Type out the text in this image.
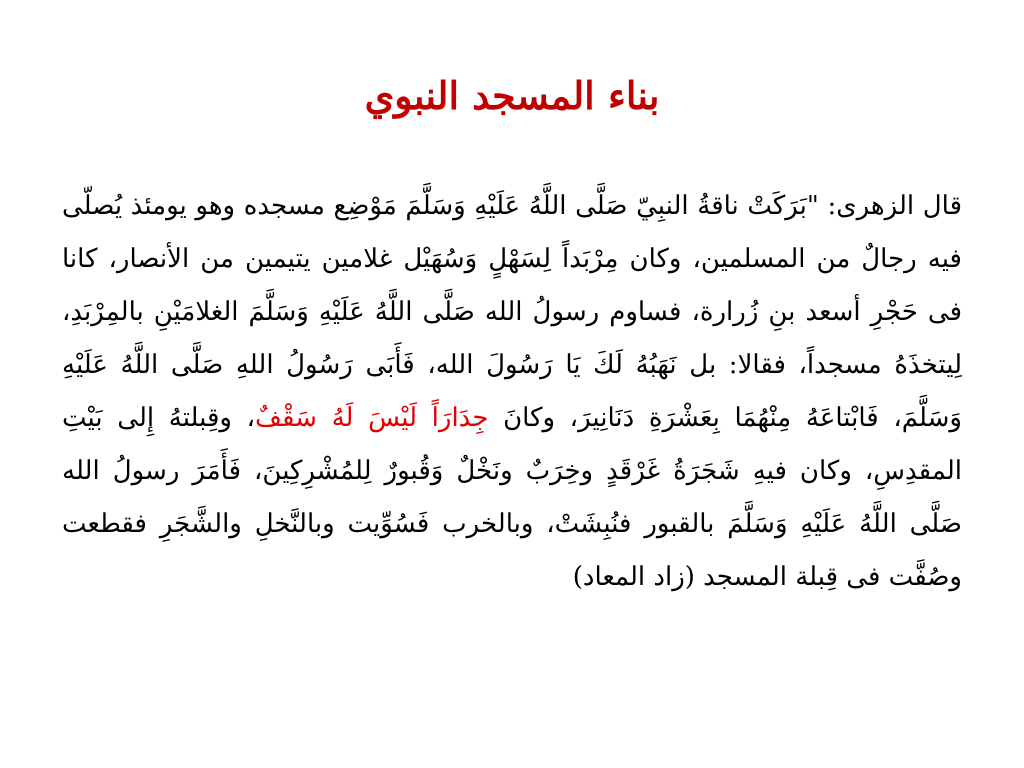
بناء المسجد النبوي
قال الزهرى: "بَرَكَتْ ناقةُ النبِيّ صَلَّى اللَّهُ عَلَيْهِ وَسَلَّمَ مَوْضِع مسجده وهو يومئذ يُصلّى فيه رجالٌ من المسلمين، وكان مِرْبَداً لِسَهْلٍ وَسُهَيْل غلامين يتيمين من الأنصار، كانا فى حَجْرِ أسعد بنِ زُرارة، فساوم رسولُ الله صَلَّى اللَّهُ عَلَيْهِ وَسَلَّمَ الغلامَيْنِ بالمِرْبَدِ، لِيتخذَهُ مسجداً، فقالا: بل نَهَبُهُ لَكَ يَا رَسُولَ الله، فَأَبَى رَسُولُ اللهِ صَلَّى اللَّهُ عَلَيْهِ وَسَلَّمَ، فَابْتاعَهُ مِنْهُمَا بِعَشْرَةِ دَنَانِيرَ، وكانَ جِدَارَاً لَيْسَ لَهُ سَقْفٌ، وقِبلتهُ إِلى بَيْتِ المقدِسِ، وكان فيهِ شَجَرَةُ غَرْقَدٍ وخِرَبٌ ونَخْلٌ وَقُبورٌ لِلمُشْرِكِينَ، فَأَمَرَ رسولُ الله صَلَّى اللَّهُ عَلَيْهِ وَسَلَّمَ بالقبور فنُبِشَتْ، وبالخرب فَسُوِّيت وبالنَّخلِ والشَّجَرِ فقطعت وصُفَّت فى قِبلة المسجد (زاد المعاد)
